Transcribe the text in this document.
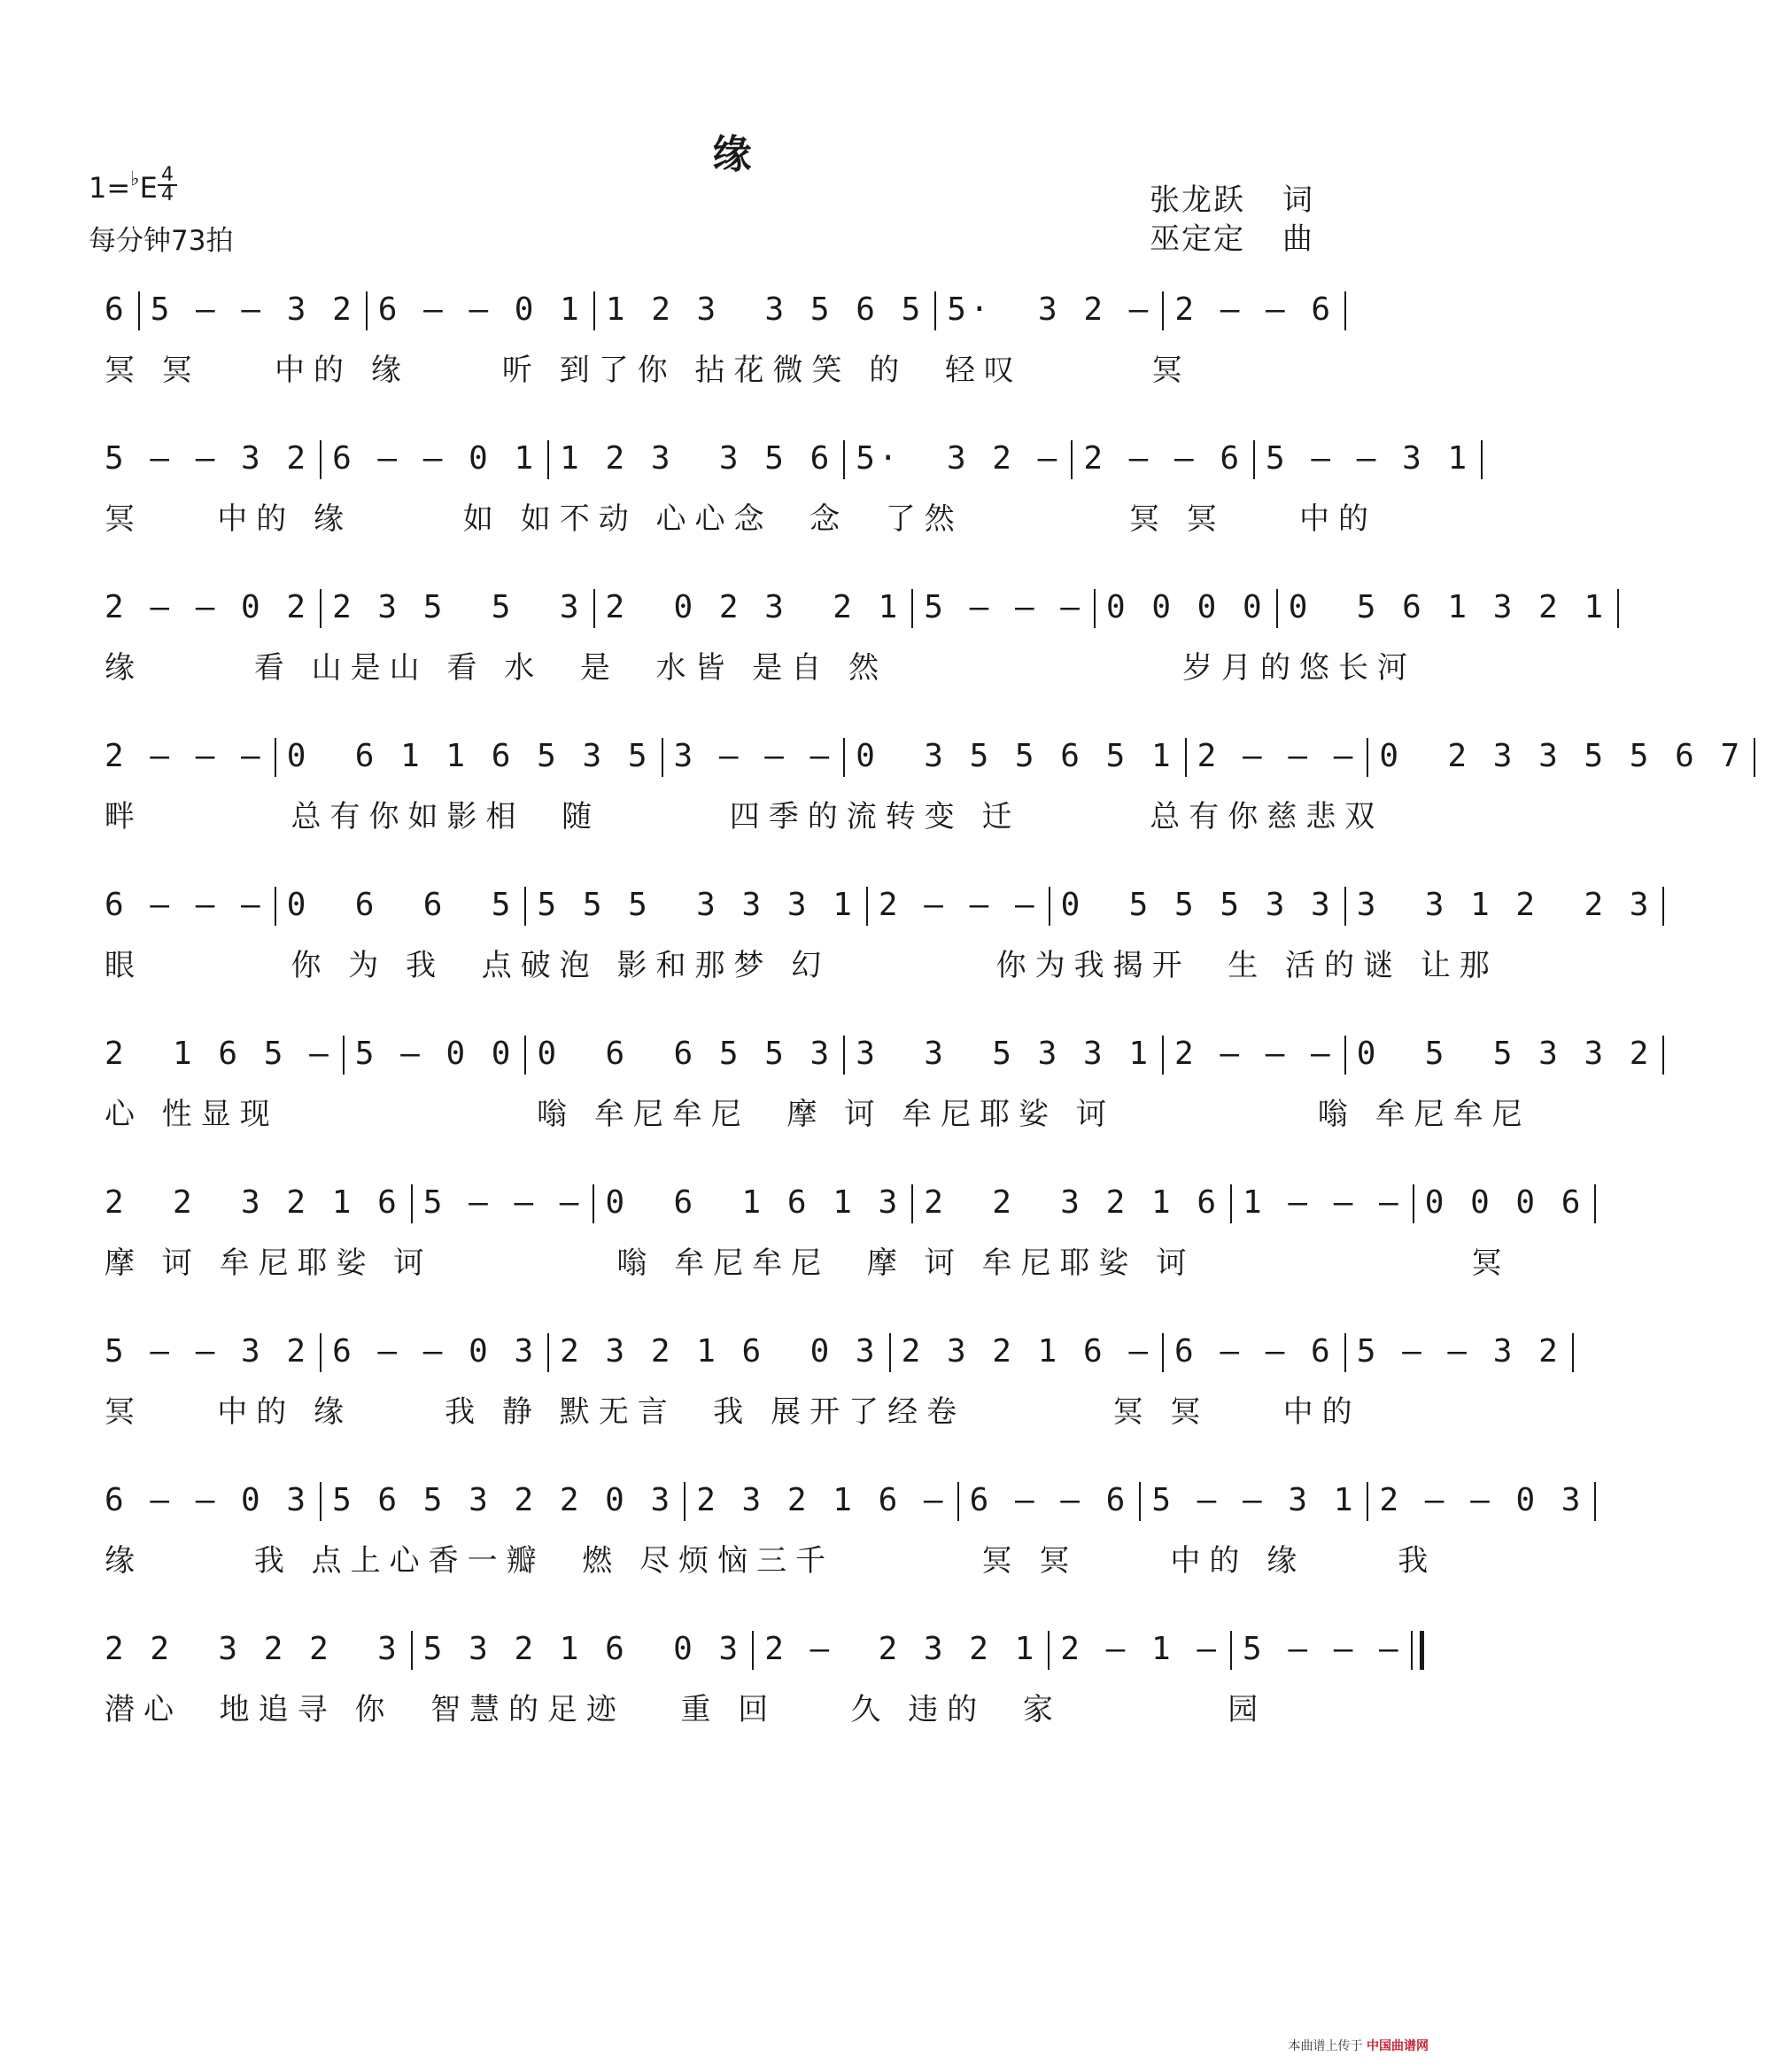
缘
1=♭E 4
4
每分钟73拍
张龙跃 词
巫定定 曲
6 5 – – 3 2 6 – – 0 1 1 2 3  3 5 6 5 5·  3 2 – 2 – – 6
冥 冥    中的 缘     听 到了你 拈花微笑 的  轻叹       冥
5 – – 3 2 6 – – 0 1 1 2 3  3 5 6 5·  3 2 – 2 – – 6 5 – – 3 1
冥    中的 缘      如 如不动 心心念  念  了然         冥 冥    中的
2 – – 0 2 2 3 5  5  3 2  0 2 3  2 1 5 – – – 0 0 0 0 0  5 6 1 3 2 1
缘      看 山是山 看 水  是  水皆 是自 然                岁月的悠长河
2 – – – 0  6 1 1 6 5 3 5 3 – – – 0  3 5 5 6 5 1 2 – – – 0  2 3 3 5 5 6 7
畔        总有你如影相  随       四季的流转变 迁       总有你慈悲双
6 – – – 0  6  6  5 5 5 5  3 3 3 1 2 – – – 0  5 5 5 3 3 3  3 1 2  2 3
眼        你 为 我  点破泡 影和那梦 幻         你为我揭开  生 活的谜 让那
2  1 6 5 – 5 – 0 0 0  6  6 5 5 3 3  3  5 3 3 1 2 – – – 0  5  5 3 3 2
心 性显现              嗡 牟尼牟尼  摩 诃 牟尼耶娑 诃           嗡 牟尼牟尼
2  2  3 2 1 6 5 – – – 0  6  1 6 1 3 2  2  3 2 1 6 1 – – – 0 0 0 6
摩 诃 牟尼耶娑 诃          嗡 牟尼牟尼  摩 诃 牟尼耶娑 诃               冥
5 – – 3 2 6 – – 0 3 2 3 2 1 6  0 3 2 3 2 1 6 – 6 – – 6 5 – – 3 2
冥    中的 缘     我 静 默无言  我 展开了经卷        冥 冥    中的
6 – – 0 3 5 6 5 3 2 2 0 3 2 3 2 1 6 – 6 – – 6 5 – – 3 1 2 – – 0 3
缘      我 点上心香一瓣  燃 尽烦恼三千        冥 冥     中的 缘     我
2 2  3 2 2  3 5 3 2 1 6  0 3 2 –  2 3 2 1 2 – 1 – 5 – – –
潜心  地追寻 你  智慧的足迹   重 回    久 违的  家         园
本曲谱上传于 中国曲谱网
